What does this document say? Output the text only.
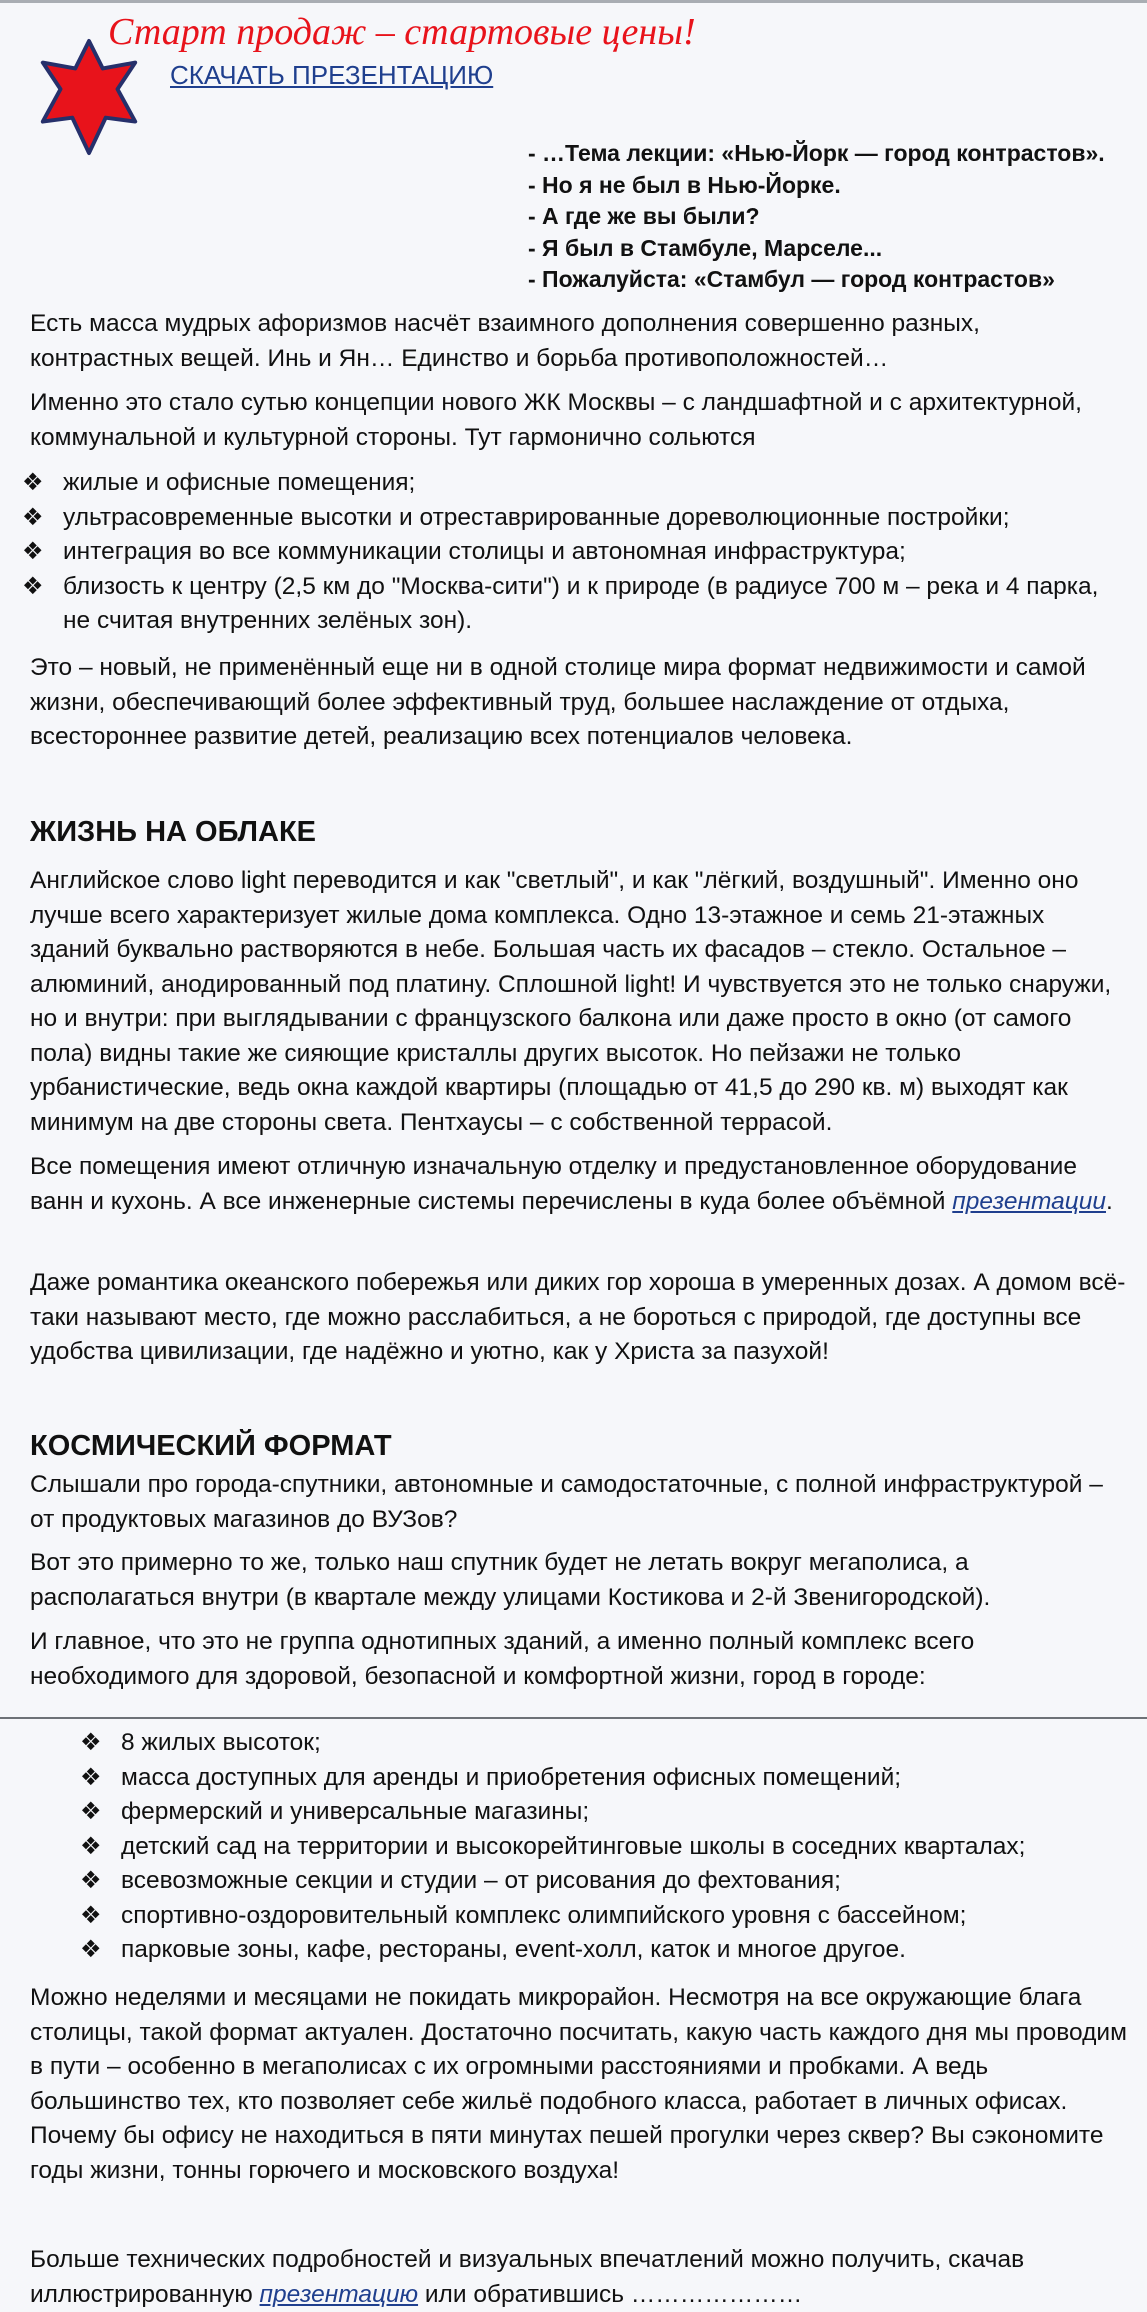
Старт продаж – стартовые цены!
СКАЧАТЬ ПРЕЗЕНТАЦИЮ
- …Тема лекции: «Нью-Йорк — город контрастов».
- Но я не был в Нью-Йорке.
- А где же вы были?
- Я был в Стамбуле, Марселе...
- Пожалуйста: «Стамбул — город контрастов»
Есть масса мудрых афоризмов насчёт взаимного дополнения совершенно разных, контрастных вещей. Инь и Ян… Единство и борьба противоположностей…
Именно это стало сутью концепции нового ЖК Москвы – с ландшафтной и с архитектурной, коммунальной и культурной стороны. Тут гармонично сольются
❖ жилые и офисные помещения;
❖ ультрасовременные высотки и отреставрированные дореволюционные постройки;
❖ интеграция во все коммуникации столицы и автономная инфраструктура;
❖ близость к центру (2,5 км до "Москва-сити") и к природе (в радиусе 700 м – река и 4 парка, не считая внутренних зелёных зон).
Это – новый, не применённый еще ни в одной столице мира формат недвижимости и самой жизни, обеспечивающий более эффективный труд, большее наслаждение от отдыха, всестороннее развитие детей, реализацию всех потенциалов человека.
ЖИЗНЬ НА ОБЛАКЕ
Английское слово light переводится и как "светлый", и как "лёгкий, воздушный". Именно оно лучше всего характеризует жилые дома комплекса. Одно 13-этажное и семь 21-этажных зданий буквально растворяются в небе. Большая часть их фасадов – стекло. Остальное – алюминий, анодированный под платину. Сплошной light! И чувствуется это не только снаружи, но и внутри: при выглядывании с французского балкона или даже просто в окно (от самого пола) видны такие же сияющие кристаллы других высоток. Но пейзажи не только урбанистические, ведь окна каждой квартиры (площадью от 41,5 до 290 кв. м) выходят как минимум на две стороны света. Пентхаусы – с собственной террасой.
Все помещения имеют отличную изначальную отделку и предустановленное оборудование ванн и кухонь. А все инженерные системы перечислены в куда более объёмной презентации.
Даже романтика океанского побережья или диких гор хороша в умеренных дозах. А домом всё-таки называют место, где можно расслабиться, а не бороться с природой, где доступны все удобства цивилизации, где надёжно и уютно, как у Христа за пазухой!
КОСМИЧЕСКИЙ ФОРМАТ
Слышали про города-спутники, автономные и самодостаточные, с полной инфраструктурой – от продуктовых магазинов до ВУЗов?
Вот это примерно то же, только наш спутник будет не летать вокруг мегаполиса, а располагаться внутри (в квартале между улицами Костикова и 2-й Звенигородской).
И главное, что это не группа однотипных зданий, а именно полный комплекс всего необходимого для здоровой, безопасной и комфортной жизни, город в городе:
❖ 8 жилых высоток;
❖ масса доступных для аренды и приобретения офисных помещений;
❖ фермерский и универсальные магазины;
❖ детский сад на территории и высокорейтинговые школы в соседних кварталах;
❖ всевозможные секции и студии – от рисования до фехтования;
❖ спортивно-оздоровительный комплекс олимпийского уровня с бассейном;
❖ парковые зоны, кафе, рестораны, event-холл, каток и многое другое.
Можно неделями и месяцами не покидать микрорайон. Несмотря на все окружающие блага столицы, такой формат актуален. Достаточно посчитать, какую часть каждого дня мы проводим в пути – особенно в мегаполисах с их огромными расстояниями и пробками. А ведь большинство тех, кто позволяет себе жильё подобного класса, работает в личных офисах. Почему бы офису не находиться в пяти минутах пешей прогулки через сквер? Вы сэкономите годы жизни, тонны горючего и московского воздуха!
Больше технических подробностей и визуальных впечатлений можно получить, скачав иллюстрированную презентацию или обратившись …………………
